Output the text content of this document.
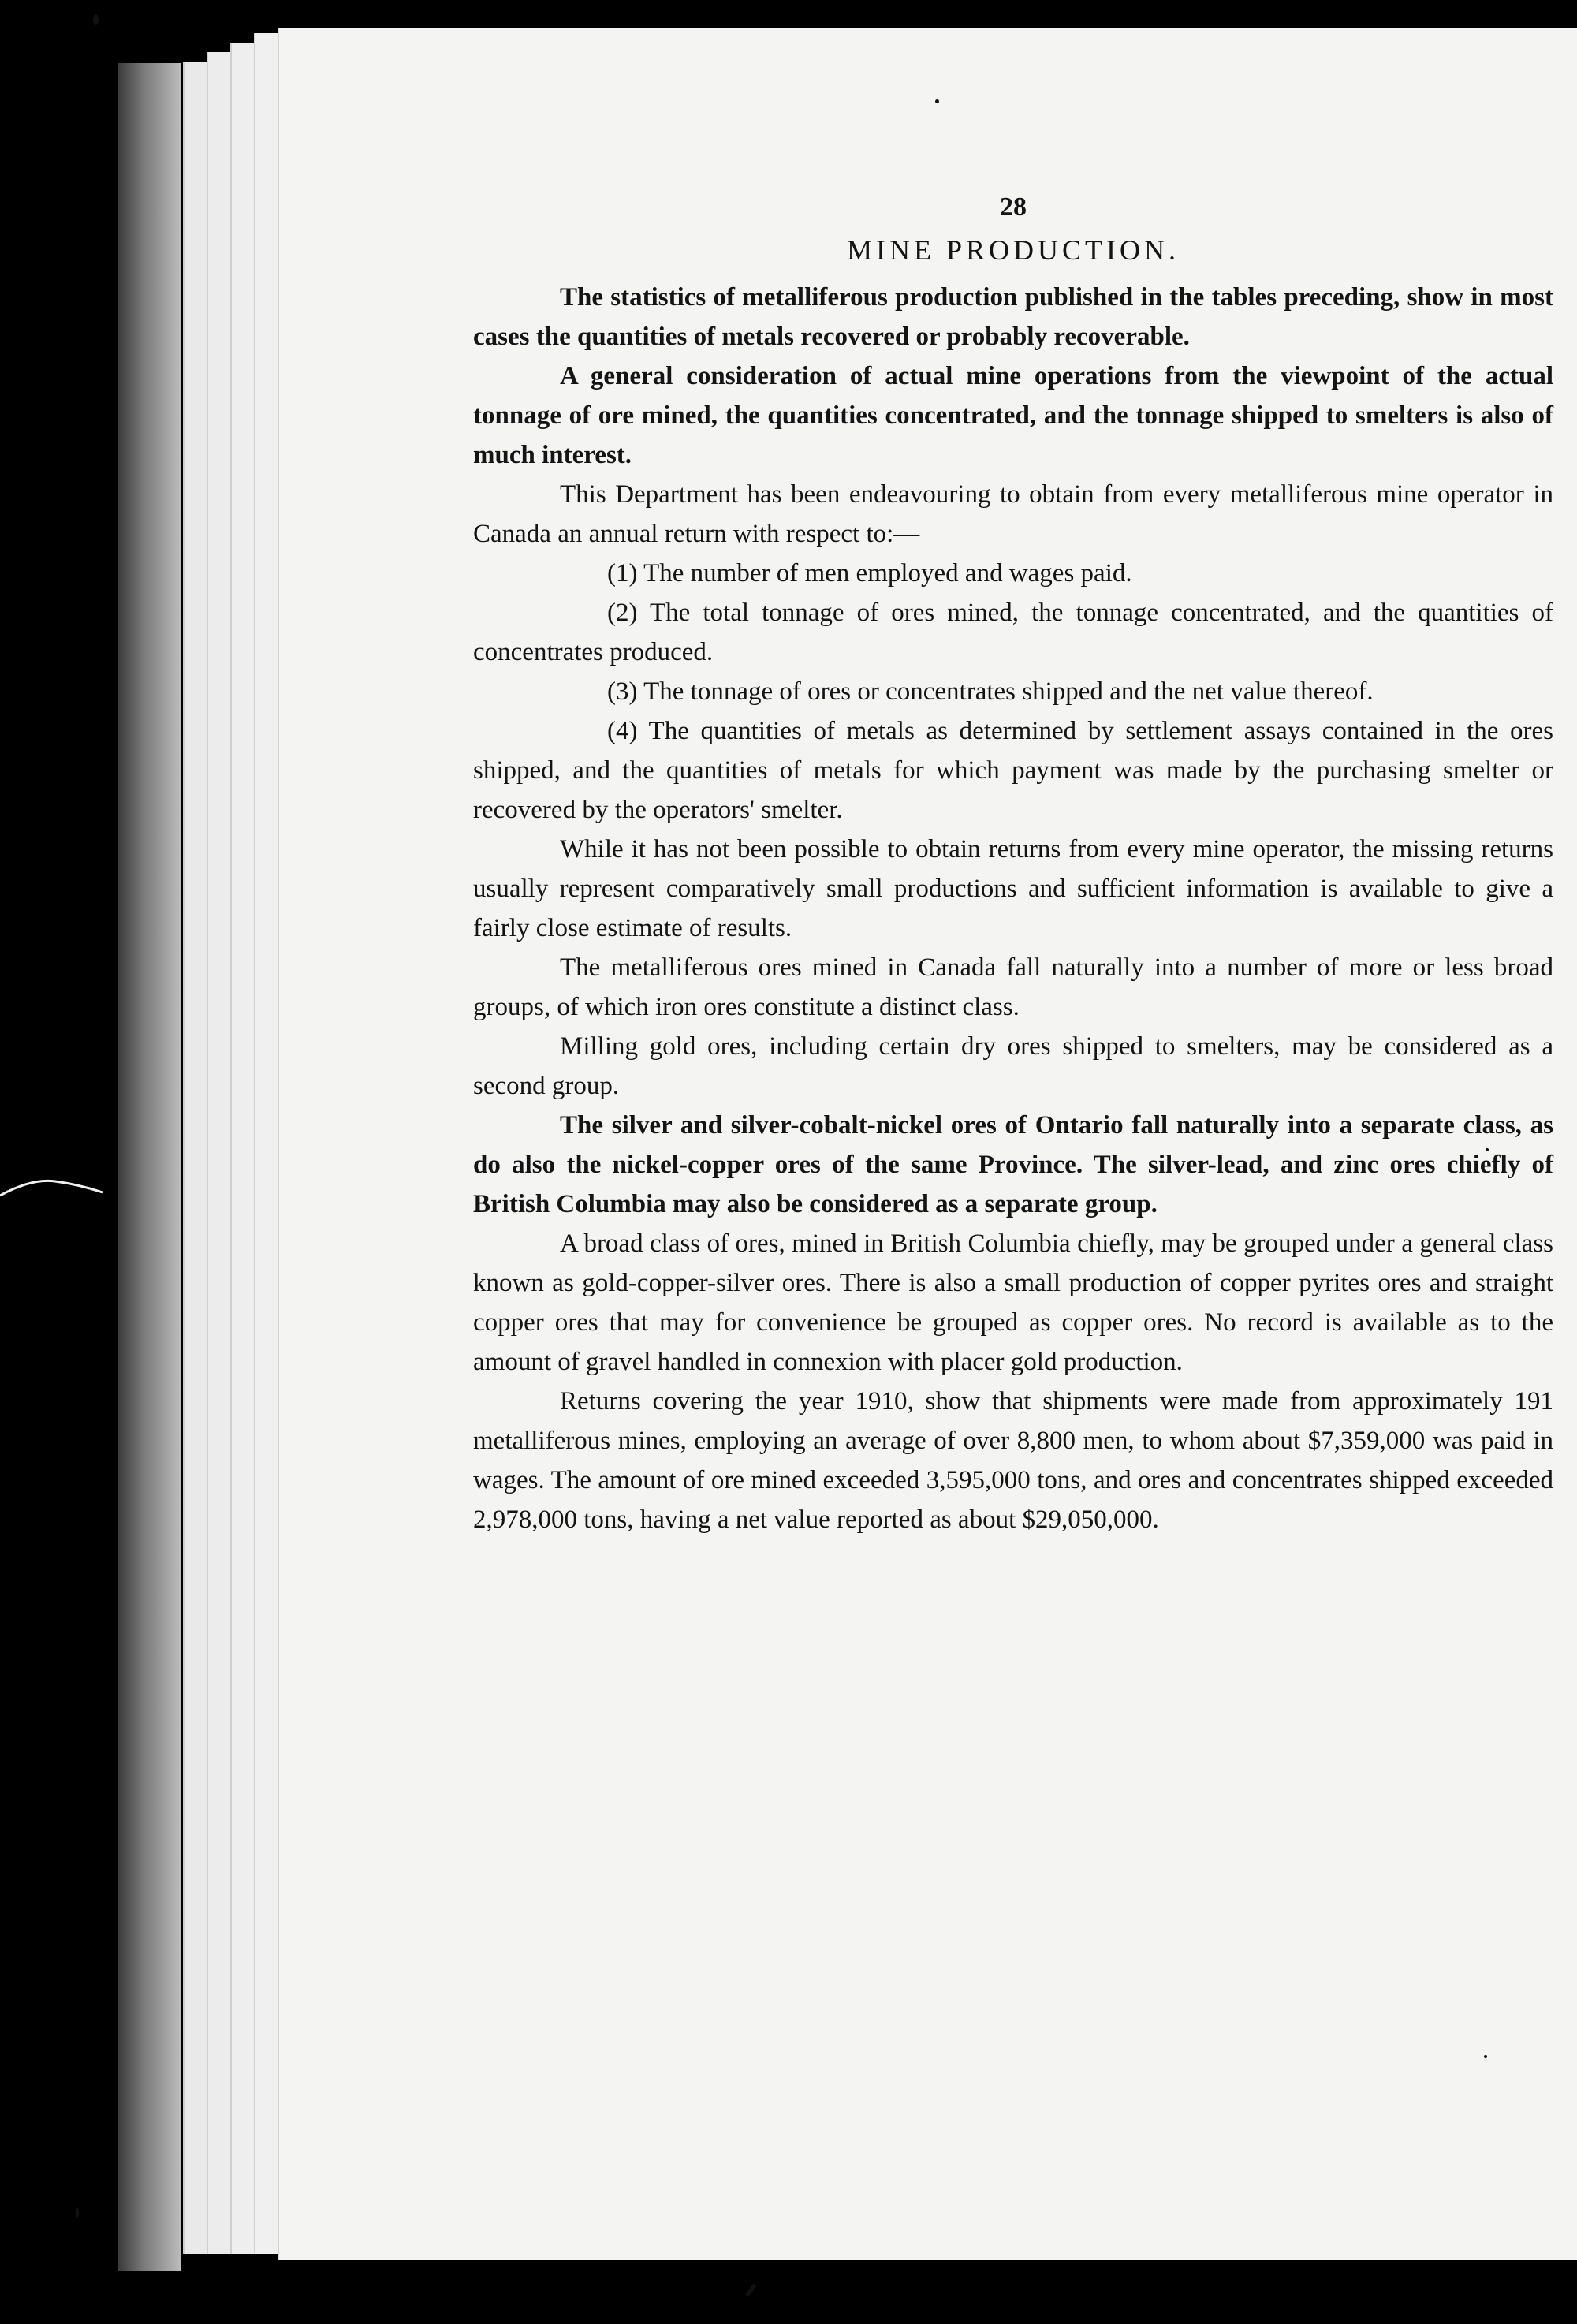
28
MINE PRODUCTION.

The statistics of metalliferous production published in the tables preceding, show in most cases the quantities of metals recovered or probably recoverable.

A general consideration of actual mine operations from the viewpoint of the actual tonnage of ore mined, the quantities concentrated, and the tonnage shipped to smelters is also of much interest.

This Department has been endeavouring to obtain from every metalliferous mine operator in Canada an annual return with respect to:—

(1) The number of men employed and wages paid.

(2) The total tonnage of ores mined, the tonnage concentrated, and the quantities of concentrates produced.

(3) The tonnage of ores or concentrates shipped and the net value thereof.

(4) The quantities of metals as determined by settlement assays contained in the ores shipped, and the quantities of metals for which payment was made by the purchasing smelter or recovered by the operators' smelter.

While it has not been possible to obtain returns from every mine operator, the missing returns usually represent comparatively small productions and sufficient information is available to give a fairly close estimate of results.

The metalliferous ores mined in Canada fall naturally into a number of more or less broad groups, of which iron ores constitute a distinct class.

Milling gold ores, including certain dry ores shipped to smelters, may be considered as a second group.

The silver and silver-cobalt-nickel ores of Ontario fall naturally into a separate class, as do also the nickel-copper ores of the same Province. The silver-lead, and zinc ores chiefly of British Columbia may also be considered as a separate group.

A broad class of ores, mined in British Columbia chiefly, may be grouped under a general class known as gold-copper-silver ores. There is also a small production of copper pyrites ores and straight copper ores that may for convenience be grouped as copper ores. No record is available as to the amount of gravel handled in connexion with placer gold production.

Returns covering the year 1910, show that shipments were made from approximately 191 metalliferous mines, employing an average of over 8,800 men, to whom about $7,359,000 was paid in wages. The amount of ore mined exceeded 3,595,000 tons, and ores and concentrates shipped exceeded 2,978,000 tons, having a net value reported as about $29,050,000.
